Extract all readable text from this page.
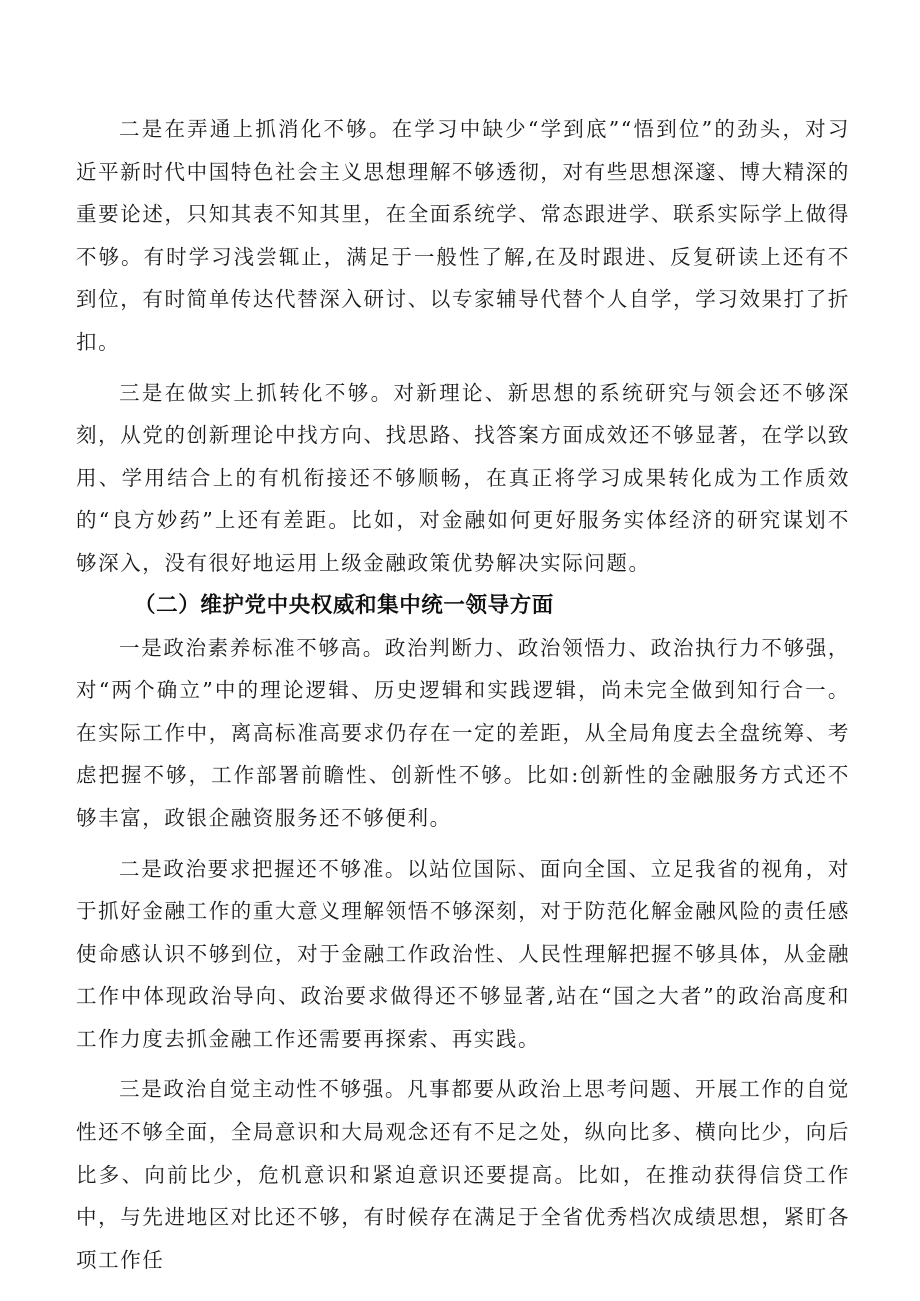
二是在弄通上抓消化不够。在学习中缺少“学到底”“悟到位”的劲头，对习近平新时代中国特色社会主义思想理解不够透彻，对有些思想深邃、博大精深的重要论述，只知其表不知其里，在全面系统学、常态跟进学、联系实际学上做得不够。有时学习浅尝辄止，满足于一般性了解,在及时跟进、反复研读上还有不到位，有时简单传达代替深入研讨、以专家辅导代替个人自学，学习效果打了折扣。

三是在做实上抓转化不够。对新理论、新思想的系统研究与领会还不够深刻，从党的创新理论中找方向、找思路、找答案方面成效还不够显著，在学以致用、学用结合上的有机衔接还不够顺畅，在真正将学习成果转化成为工作质效的“良方妙药”上还有差距。比如，对金融如何更好服务实体经济的研究谋划不够深入，没有很好地运用上级金融政策优势解决实际问题。

（二）维护党中央权威和集中统一领导方面

一是政治素养标准不够高。政治判断力、政治领悟力、政治执行力不够强，对“两个确立”中的理论逻辑、历史逻辑和实践逻辑，尚未完全做到知行合一。在实际工作中，离高标准高要求仍存在一定的差距，从全局角度去全盘统筹、考虑把握不够，工作部署前瞻性、创新性不够。比如:创新性的金融服务方式还不够丰富，政银企融资服务还不够便利。

二是政治要求把握还不够准。以站位国际、面向全国、立足我省的视角，对于抓好金融工作的重大意义理解领悟不够深刻，对于防范化解金融风险的责任感使命感认识不够到位，对于金融工作政治性、人民性理解把握不够具体，从金融工作中体现政治导向、政治要求做得还不够显著,站在“国之大者”的政治高度和工作力度去抓金融工作还需要再探索、再实践。

三是政治自觉主动性不够强。凡事都要从政治上思考问题、开展工作的自觉性还不够全面，全局意识和大局观念还有不足之处，纵向比多、横向比少，向后比多、向前比少，危机意识和紧迫意识还要提高。比如，在推动获得信贷工作中，与先进地区对比还不够，有时候存在满足于全省优秀档次成绩思想，紧盯各项工作任
